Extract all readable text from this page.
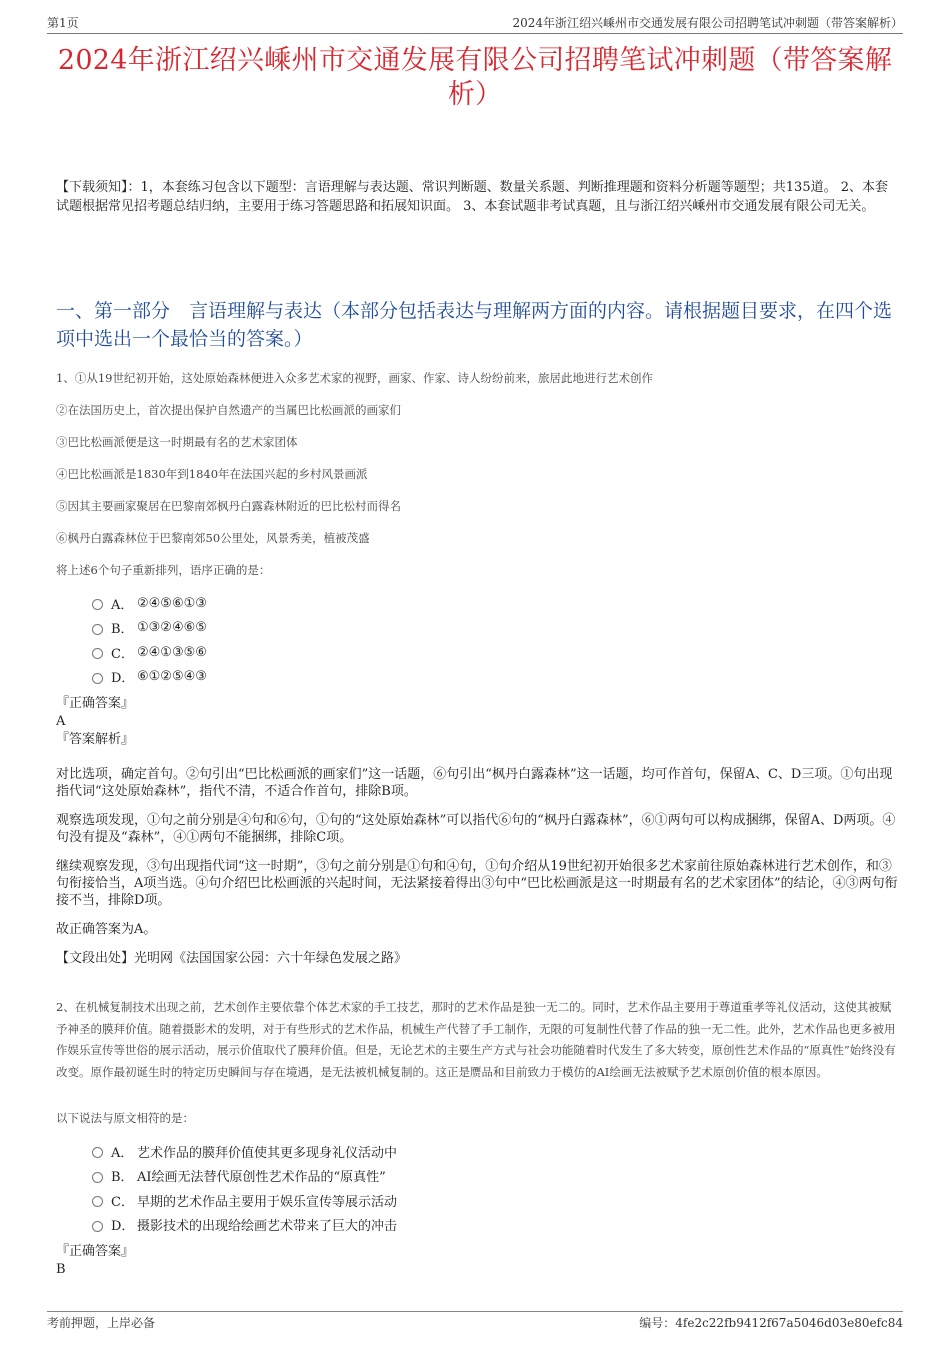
第1页	2024年浙江绍兴嵊州市交通发展有限公司招聘笔试冲刺题（带答案解析）
2024年浙江绍兴嵊州市交通发展有限公司招聘笔试冲刺题（带答案解析）
【下载须知】：1，本套练习包含以下题型：言语理解与表达题、常识判断题、数量关系题、判断推理题和资料分析题等题型；共135道。 2、本套试题根据常见招考题总结归纳，主要用于练习答题思路和拓展知识面。 3、本套试题非考试真题，且与浙江绍兴嵊州市交通发展有限公司无关。
一、第一部分　言语理解与表达（本部分包括表达与理解两方面的内容。请根据题目要求，在四个选项中选出一个最恰当的答案。）
1、①从19世纪初开始，这处原始森林便进入众多艺术家的视野，画家、作家、诗人纷纷前来，旅居此地进行艺术创作
②在法国历史上，首次提出保护自然遗产的当属巴比松画派的画家们
③巴比松画派便是这一时期最有名的艺术家团体
④巴比松画派是1830年到1840年在法国兴起的乡村风景画派
⑤因其主要画家聚居在巴黎南郊枫丹白露森林附近的巴比松村而得名
⑥枫丹白露森林位于巴黎南郊50公里处，风景秀美，植被茂盛
将上述6个句子重新排列，语序正确的是：
A． ②④⑤⑥①③
B． ①③②④⑥⑤
C． ②④①③⑤⑥
D． ⑥①②⑤④③
『正确答案』
A
『答案解析』

对比选项，确定首句。②句引出“巴比松画派的画家们”这一话题，⑥句引出“枫丹白露森林”这一话题，均可作首句，保留A、C、D三项。①句出现指代词“这处原始森林”，指代不清，不适合作首句，排除B项。

观察选项发现，①句之前分别是④句和⑥句，①句的“这处原始森林”可以指代⑥句的“枫丹白露森林”，⑥①两句可以构成捆绑，保留A、D两项。④句没有提及“森林”，④①两句不能捆绑，排除C项。

继续观察发现，③句出现指代词“这一时期”，③句之前分别是①句和④句，①句介绍从19世纪初开始很多艺术家前往原始森林进行艺术创作，和③句衔接恰当，A项当选。④句介绍巴比松画派的兴起时间，无法紧接着得出③句中“巴比松画派是这一时期最有名的艺术家团体”的结论，④③两句衔接不当，排除D项。

故正确答案为A。

【文段出处】光明网《法国国家公园：六十年绿色发展之路》

2、在机械复制技术出现之前，艺术创作主要依靠个体艺术家的手工技艺，那时的艺术作品是独一无二的。同时，艺术作品主要用于尊道重孝等礼仪活动，这使其被赋予神圣的膜拜价值。随着摄影术的发明，对于有些形式的艺术作品，机械生产代替了手工制作，无限的可复制性代替了作品的独一无二性。此外，艺术作品也更多被用作娱乐宣传等世俗的展示活动，展示价值取代了膜拜价值。但是，无论艺术的主要生产方式与社会功能随着时代发生了多大转变，原创性艺术作品的“原真性”始终没有改变。原作最初诞生时的特定历史瞬间与存在境遇，是无法被机械复制的。这正是赝品和目前致力于模仿的AI绘画无法被赋予艺术原创价值的根本原因。
以下说法与原文相符的是：
A． 艺术作品的膜拜价值使其更多现身礼仪活动中
B． AI绘画无法替代原创性艺术作品的“原真性”
C． 早期的艺术作品主要用于娱乐宣传等展示活动
D． 摄影技术的出现给绘画艺术带来了巨大的冲击
『正确答案』
B
考前押题，上岸必备	编号：4fe2c22fb9412f67a5046d03e80efc84
